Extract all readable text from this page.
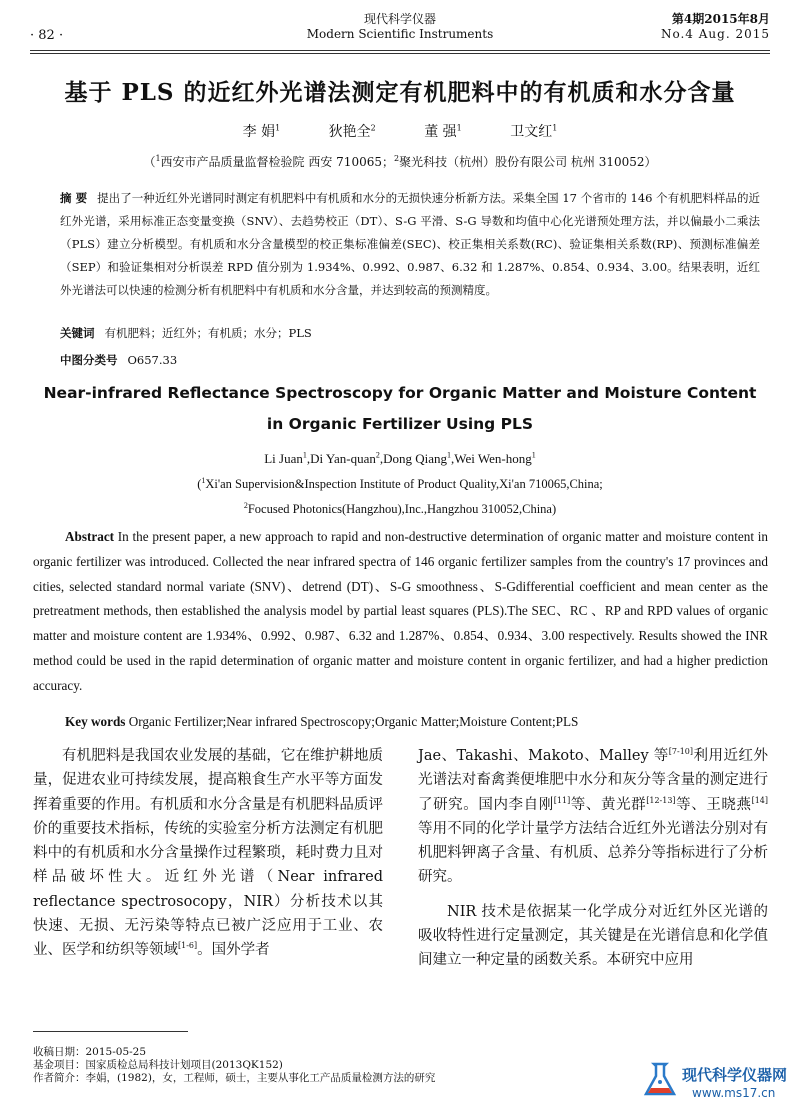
· 82 ·
现代科学仪器
Modern Scientific Instruments
第4期2015年8月
No.4 Aug. 2015
基于 PLS 的近红外光谱法测定有机肥料中的有机质和水分含量
李 娟$^1$	狄艳全$^2$	董 强$^1$	卫文红$^1$
（$^1$西安市产品质量监督检验院 西安 710065；$^2$聚光科技（杭州）股份有限公司 杭州 310052）
摘 要 提出了一种近红外光谱同时测定有机肥料中有机质和水分的无损快速分析新方法。采集全国 17 个省市的 146 个有机肥料样品的近红外光谱，采用标准正态变量变换（SNV）、去趋势校正（DT）、S-G 平滑、S-G 导数和均值中心化光谱预处理方法，并以偏最小二乘法（PLS）建立分析模型。有机质和水分含量模型的校正集标准偏差(SEC)、校正集相关系数(RC)、验证集相关系数(RP)、预测标准偏差（SEP）和验证集相对分析误差 RPD 值分别为 1.934%、0.992、0.987、6.32 和 1.287%、0.854、0.934、3.00。结果表明，近红外光谱法可以快速的检测分析有机肥料中有机质和水分含量，并达到较高的预测精度。
关键词 有机肥料；近红外；有机质；水分；PLS
中图分类号 O657.33
Near-infrared Reflectance Spectroscopy for Organic Matter and Moisture Content in Organic Fertilizer Using PLS
Li Juan$^1$,Di Yan-quan$^2$,Dong Qiang$^1$,Wei Wen-hong$^1$
($^1$Xi'an Supervision&Inspection Institute of Product Quality,Xi'an 710065,China;
$^2$Focused Photonics(Hangzhou),Inc.,Hangzhou 310052,China)
Abstract In the present paper, a new approach to rapid and non-destructive determination of organic matter and moisture content in organic fertilizer was introduced. Collected the near infrared spectra of 146 organic fertilizer samples from the country's 17 provinces and cities, selected standard normal variate (SNV)、detrend (DT)、S-G smoothness、S-Gdifferential coefficient and mean center as the pretreatment methods, then established the analysis model by partial least squares (PLS).The SEC、RC 、RP and RPD values of organic matter and moisture content are 1.934%、0.992、0.987、6.32 and 1.287%、0.854、0.934、3.00 respectively. Results showed the INR method could be used in the rapid determination of organic matter and moisture content in organic fertilizer, and had a higher prediction accuracy.
Key words Organic Fertilizer;Near infrared Spectroscopy;Organic Matter;Moisture Content;PLS

有机肥料是我国农业发展的基础，它在维护耕地质量，促进农业可持续发展，提高粮食生产水平等方面发挥着重要的作用。有机质和水分含量是有机肥料品质评价的重要技术指标，传统的实验室分析方法测定有机肥料中的有机质和水分含量操作过程繁琐，耗时费力且对样品破坏性大。近红外光谱（Near infrared reflectance spectrosocopy，NIR）分析技术以其快速、无损、无污染等特点已被广泛应用于工业、农业、医学和纺织等领域[1-6]。国外学者

Jae、Takashi、Makoto、Malley 等[7-10]利用近红外光谱法对畜禽粪便堆肥中水分和灰分等含量的测定进行了研究。国内李自刚[11]等、黄光群[12-13]等、王晓燕[14]等用不同的化学计量学方法结合近红外光谱法分别对有机肥料钾离子含量、有机质、总养分等指标进行了分析研究。

NIR 技术是依据某一化学成分对近红外区光谱的吸收特性进行定量测定，其关键是在光谱信息和化学值间建立一种定量的函数关系。本研究中应用

收稿日期：2015-05-25
基金项目：国家质检总局科技计划项目(2013QK152)
作者简介：李娟，(1982)，女，工程师，硕士，主要从事化工产品质量检测方法的研究	现代科学仪器网
www.ms17.cn
